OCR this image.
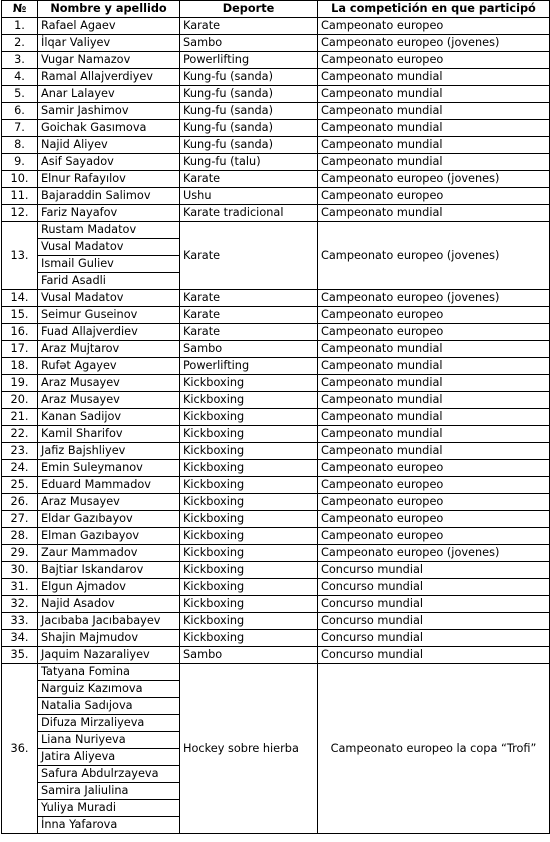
№	Nombre y apellido	Deporte	La competición en que participó
1.	Rafael Agaev	Karate	Campeonato europeo
2.	İlqar Valiyev	Sambo	Campeonato europeo (jovenes)
3.	Vugar Namazov	Powerlifting	Campeonato europeo
4.	Ramal Allajverdiyev	Kung-fu (sanda)	Campeonato mundial
5.	Anar Lalayev	Kung-fu (sanda)	Campeonato mundial
6.	Samir Jashimov	Kung-fu (sanda)	Campeonato mundial
7.	Goichak Gasımova	Kung-fu (sanda)	Campeonato mundial
8.	Najid Aliyev	Kung-fu (sanda)	Campeonato mundial
9.	Asif Sayadov	Kung-fu (talu)	Campeonato mundial
10.	Elnur Rafayılov	Karate	Campeonato europeo (jovenes)
11.	Bajaraddin Salimov	Ushu	Campeonato europeo
12.	Fariz Nayafov	Karate tradicional	Campeonato mundial
13.	Rustam Madatov	Karate	Campeonato europeo (jovenes)
	Vusal Madatov		
	Ismail Guliev		
	Farid Asadli		
14.	Vusal Madatov	Karate	Campeonato europeo (jovenes)
15.	Seimur Guseinov	Karate	Campeonato europeo
16.	Fuad Allajverdiev	Karate	Campeonato europeo
17.	Araz Mujtarov	Sambo	Campeonato mundial
18.	Rufət Agayev	Powerlifting	Campeonato mundial
19.	Araz Musayev	Kickboxing	Campeonato mundial
20.	Araz Musayev	Kickboxing	Campeonato mundial
21.	Kanan Sadijov	Kickboxing	Campeonato mundial
22.	Kamil Sharifov	Kickboxing	Campeonato mundial
23.	Jafiz Bajshliyev	Kickboxing	Campeonato mundial
24.	Emin Suleymanov	Kickboxing	Campeonato europeo
25.	Eduard Mammadov	Kickboxing	Campeonato europeo
26.	Araz Musayev	Kickboxing	Campeonato europeo
27.	Eldar Gazıbayov	Kickboxing	Campeonato europeo
28.	Elman Gazıbayov	Kickboxing	Campeonato europeo
29.	Zaur Mammadov	Kickboxing	Campeonato europeo (jovenes)
30.	Bajtiar Iskandarov	Kickboxing	Concurso mundial
31.	Elgun Ajmadov	Kickboxing	Concurso mundial
32.	Najid Asadov	Kickboxing	Concurso mundial
33.	Jacıbaba Jacıbabayev	Kickboxing	Concurso mundial
34.	Shajin Majmudov	Kickboxing	Concurso mundial
35.	Jaquim Nazaraliyev	Sambo	Concurso mundial
36.	Tatyana Fomina	Hockey sobre hierba	Campeonato europeo la copa “Trofi”
	Narguiz Kazımova		
	Natalia Sadıjova		
	Difuza Mirzaliyeva		
	Liana Nuriyeva		
	Jatira Aliyeva		
	Safura Abdulrzayeva		
	Samira Jaliulina		
	Yuliya Muradi		
	İnna Yafarova		
